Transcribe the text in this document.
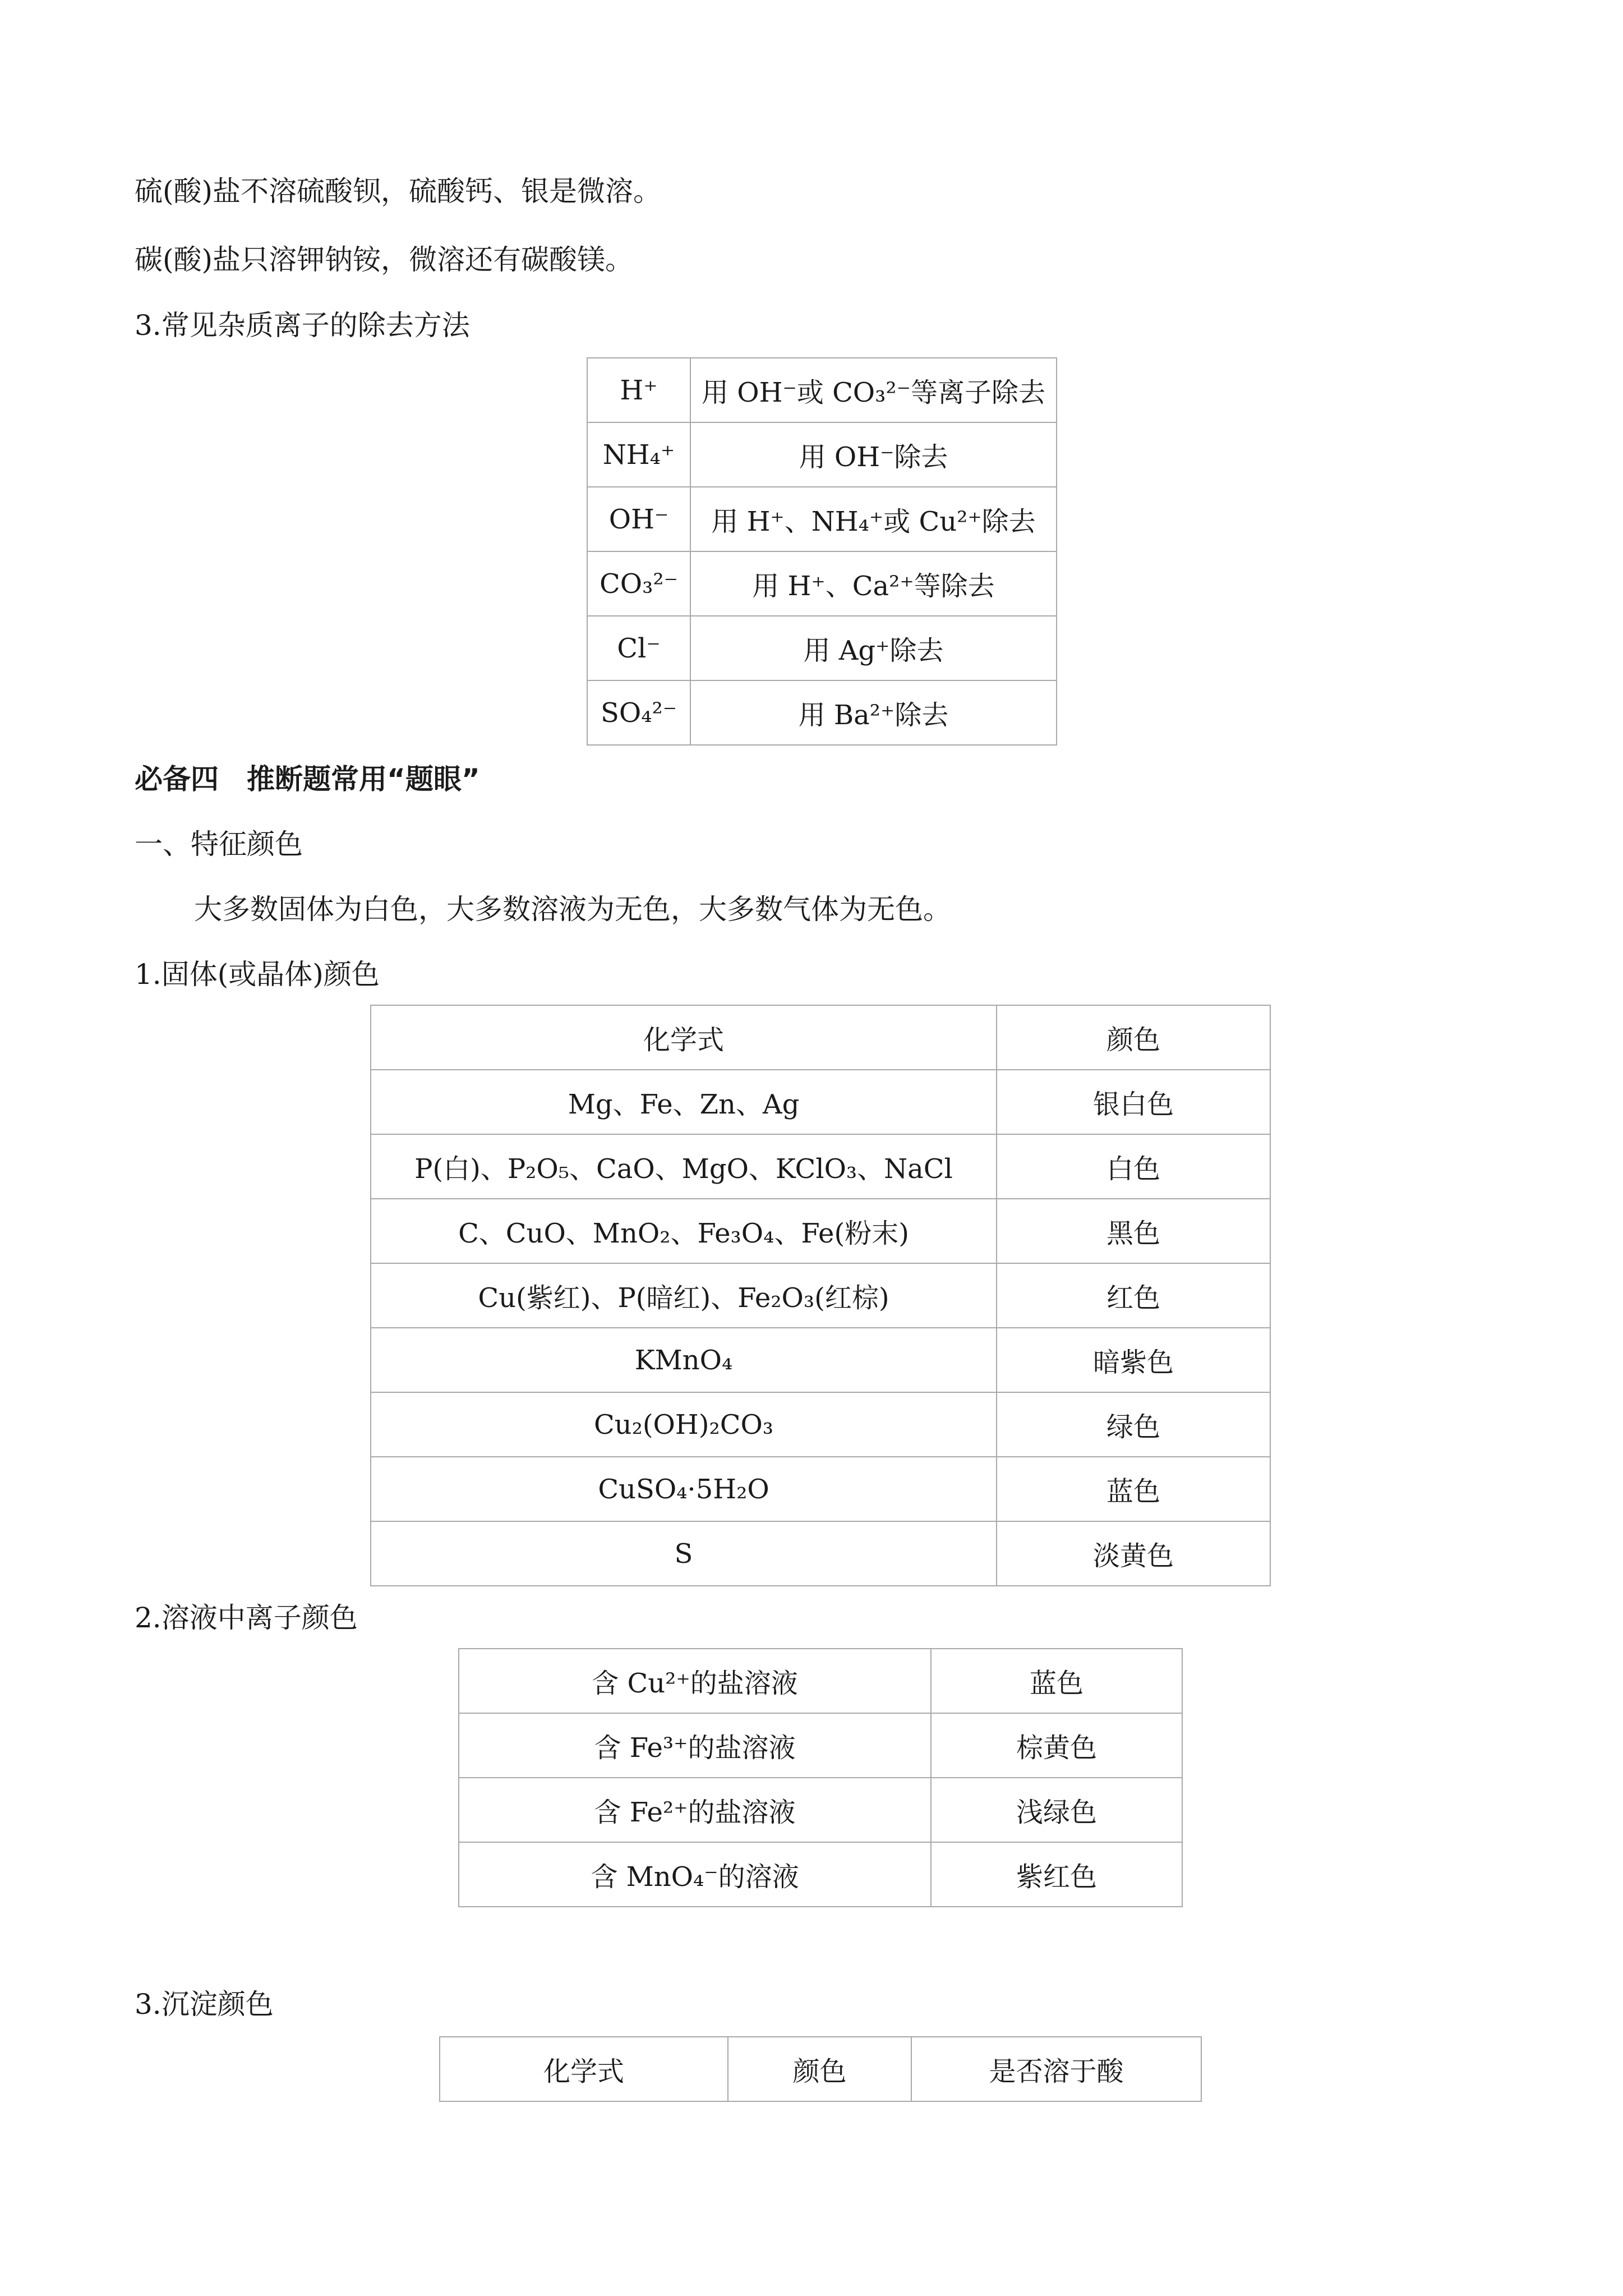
硫(酸)盐不溶硫酸钡，硫酸钙、银是微溶。
碳(酸)盐只溶钾钠铵，微溶还有碳酸镁。
3.常见杂质离子的除去方法
H⁺	用 OH⁻或 CO₃²⁻等离子除去
NH₄⁺	用 OH⁻除去
OH⁻	用 H⁺、NH₄⁺或 Cu²⁺除去
CO₃²⁻	用 H⁺、Ca²⁺等除去
Cl⁻	用 Ag⁺除去
SO₄²⁻	用 Ba²⁺除去
必备四　推断题常用“题眼”
一、特征颜色
大多数固体为白色，大多数溶液为无色，大多数气体为无色。
1.固体(或晶体)颜色
化学式	颜色
Mg、Fe、Zn、Ag	银白色
P(白)、P₂O₅、CaO、MgO、KClO₃、NaCl	白色
C、CuO、MnO₂、Fe₃O₄、Fe(粉末)	黑色
Cu(紫红)、P(暗红)、Fe₂O₃(红棕)	红色
KMnO₄	暗紫色
Cu₂(OH)₂CO₃	绿色
CuSO₄·5H₂O	蓝色
S	淡黄色
2.溶液中离子颜色
含 Cu²⁺的盐溶液	蓝色
含 Fe³⁺的盐溶液	棕黄色
含 Fe²⁺的盐溶液	浅绿色
含 MnO₄⁻的溶液	紫红色
3.沉淀颜色
化学式	颜色	是否溶于酸
